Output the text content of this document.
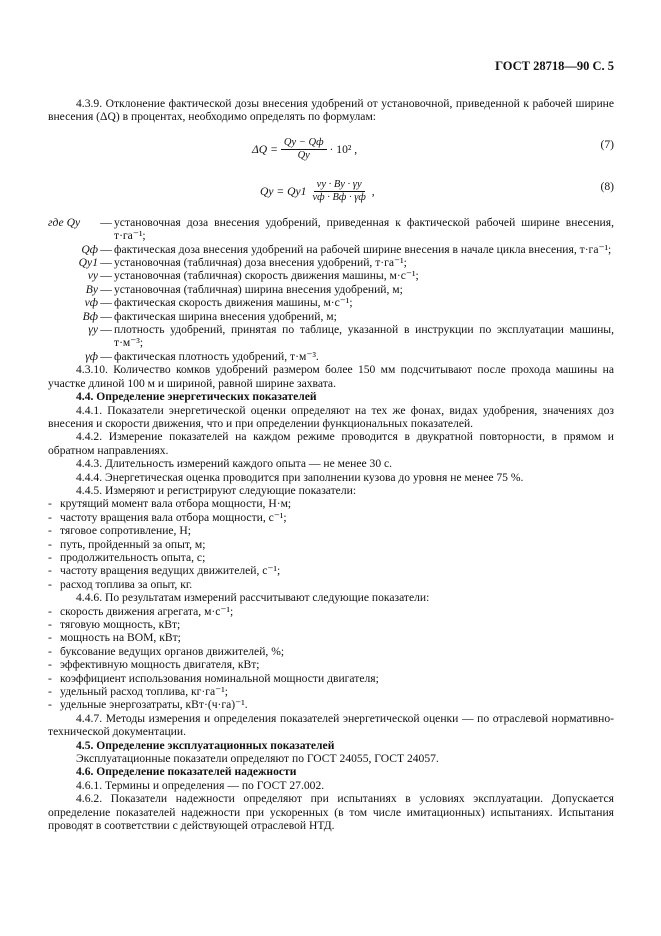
ГОСТ 28718—90 С. 5

4.3.9. Отклонение фактической дозы внесения удобрений от установочной, приведенной к рабочей ширине внесения (ΔQ) в процентах, необходимо определять по формулам:

$\Delta Q = \frac{Qу - Qф}{Qу} \cdot 10^2$ ,	(7)
Qу = $Qу1 \frac{vу \cdot Bу \cdot \gamma у}{vф \cdot Bф \cdot \gamma ф}$ ,	(8)
где Qу	— установочная доза внесения удобрений, приведенная к фактической рабочей ширине внесения, т·га⁻¹;
Qф — фактическая доза внесения удобрений на рабочей ширине внесения в начале цикла внесения, т·га⁻¹;
Qу1 — установочная (табличная) доза внесения удобрений, т·га⁻¹;
vу — установочная (табличная) скорость движения машины, м·с⁻¹;
Bу — установочная (табличная) ширина внесения удобрений, м;
vф — фактическая скорость движения машины, м·с⁻¹;
Bф — фактическая ширина внесения удобрений, м;
γу — плотность удобрений, принятая по таблице, указанной в инструкции по эксплуатации машины, т·м⁻³;
γф — фактическая плотность удобрений, т·м⁻³.

4.3.10. Количество комков удобрений размером более 150 мм подсчитывают после прохода машины на участке длиной 100 м и шириной, равной ширине захвата.

4.4. Определение энергетических показателей

4.4.1. Показатели энергетической оценки определяют на тех же фонах, видах удобрения, значениях доз внесения и скорости движения, что и при определении функциональных показателей.

4.4.2. Измерение показателей на каждом режиме проводится в двукратной повторности, в прямом и обратном направлениях.

4.4.3. Длительность измерений каждого опыта — не менее 30 с.

4.4.4. Энергетическая оценка проводится при заполнении кузова до уровня не менее 75 %.

4.4.5. Измеряют и регистрируют следующие показатели:

- крутящий момент вала отбора мощности, Н·м;
- частоту вращения вала отбора мощности, с⁻¹;
- тяговое сопротивление, Н;
- путь, пройденный за опыт, м;
- продолжительность опыта, с;
- частоту вращения ведущих движителей, с⁻¹;
- расход топлива за опыт, кг.

4.4.6. По результатам измерений рассчитывают следующие показатели:

- скорость движения агрегата, м·с⁻¹;
- тяговую мощность, кВт;
- мощность на ВОМ, кВт;
- буксование ведущих органов движителей, %;
- эффективную мощность двигателя, кВт;
- коэффициент использования номинальной мощности двигателя;
- удельный расход топлива, кг·га⁻¹;
- удельные энергозатраты, кВт·(ч·га)⁻¹.

4.4.7. Методы измерения и определения показателей энергетической оценки — по отраслевой нормативно-технической документации.

4.5. Определение эксплуатационных показателей

Эксплуатационные показатели определяют по ГОСТ 24055, ГОСТ 24057.

4.6. Определение показателей надежности

4.6.1. Термины и определения — по ГОСТ 27.002.

4.6.2. Показатели надежности определяют при испытаниях в условиях эксплуатации. Допускается определение показателей надежности при ускоренных (в том числе имитационных) испытаниях. Испытания проводят в соответствии с действующей отраслевой НТД.
